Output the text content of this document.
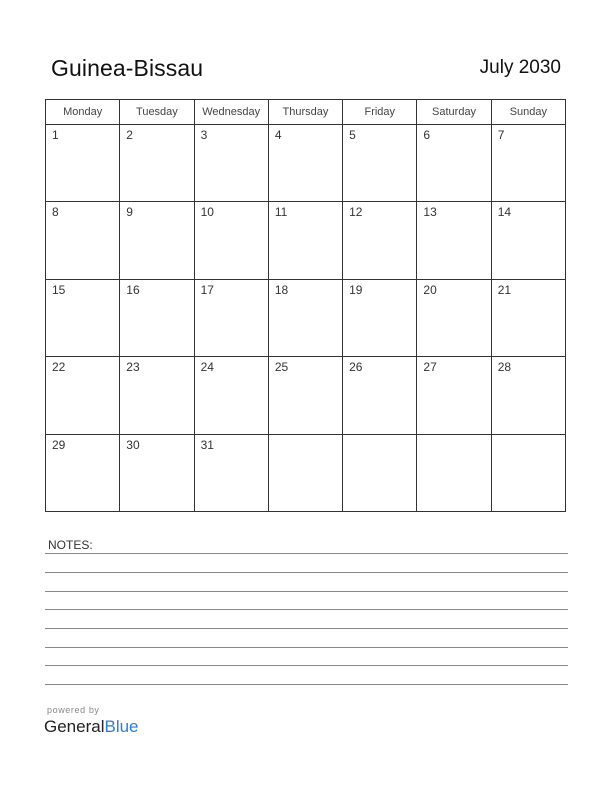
Guinea-Bissau	July 2030
Monday	Tuesday	Wednesday	Thursday	Friday	Saturday	Sunday

1	2	3	4	5	6	7

8	9	10	11	12	13	14

15	16	17	18	19	20	21

22	23	24	25	26	27	28

29	30	31				

NOTES:
powered by
GeneralBlue
